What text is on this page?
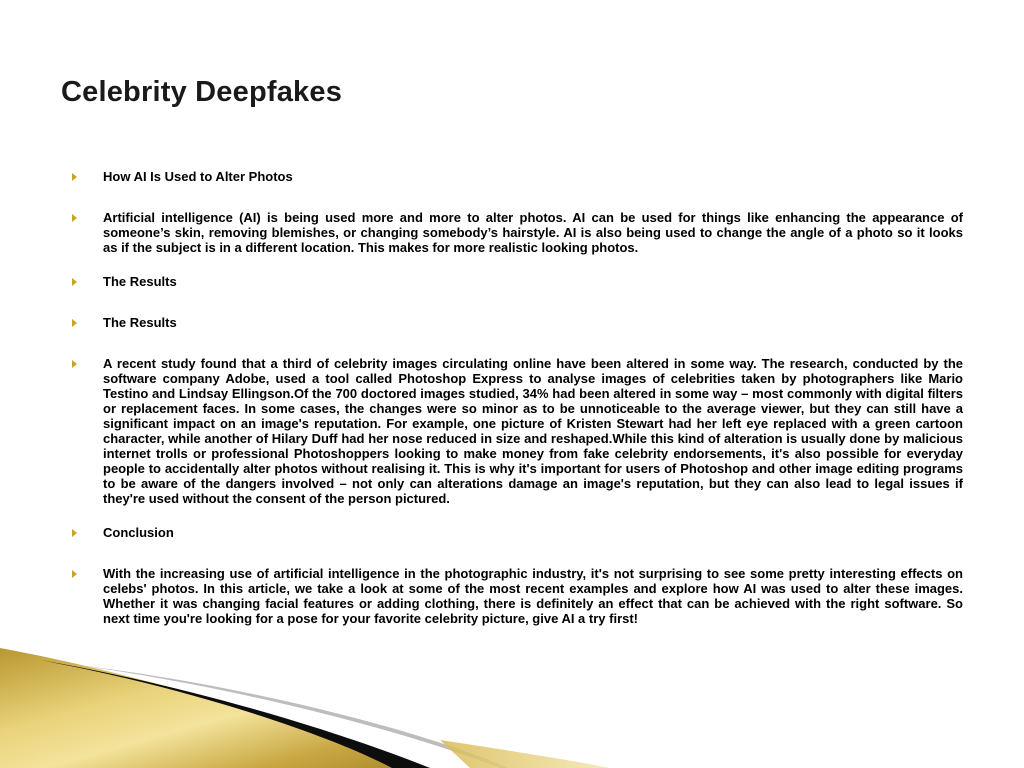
Celebrity Deepfakes
How AI Is Used to Alter Photos
Artificial intelligence (AI) is being used more and more to alter photos. AI can be used for things like enhancing the appearance of someone’s skin, removing blemishes, or changing somebody’s hairstyle. AI is also being used to change the angle of a photo so it looks as if the subject is in a different location. This makes for more realistic looking photos.
The Results
The Results
A recent study found that a third of celebrity images circulating online have been altered in some way. The research, conducted by the software company Adobe, used a tool called Photoshop Express to analyse images of celebrities taken by photographers like Mario Testino and Lindsay Ellingson.Of the 700 doctored images studied, 34% had been altered in some way – most commonly with digital filters or replacement faces. In some cases, the changes were so minor as to be unnoticeable to the average viewer, but they can still have a significant impact on an image's reputation. For example, one picture of Kristen Stewart had her left eye replaced with a green cartoon character, while another of Hilary Duff had her nose reduced in size and reshaped.While this kind of alteration is usually done by malicious internet trolls or professional Photoshoppers looking to make money from fake celebrity endorsements, it's also possible for everyday people to accidentally alter photos without realising it. This is why it's important for users of Photoshop and other image editing programs to be aware of the dangers involved – not only can alterations damage an image's reputation, but they can also lead to legal issues if they're used without the consent of the person pictured.
Conclusion
With the increasing use of artificial intelligence in the photographic industry, it's not surprising to see some pretty interesting effects on celebs' photos. In this article, we take a look at some of the most recent examples and explore how AI was used to alter these images. Whether it was changing facial features or adding clothing, there is definitely an effect that can be achieved with the right software. So next time you're looking for a pose for your favorite celebrity picture, give AI a try first!
